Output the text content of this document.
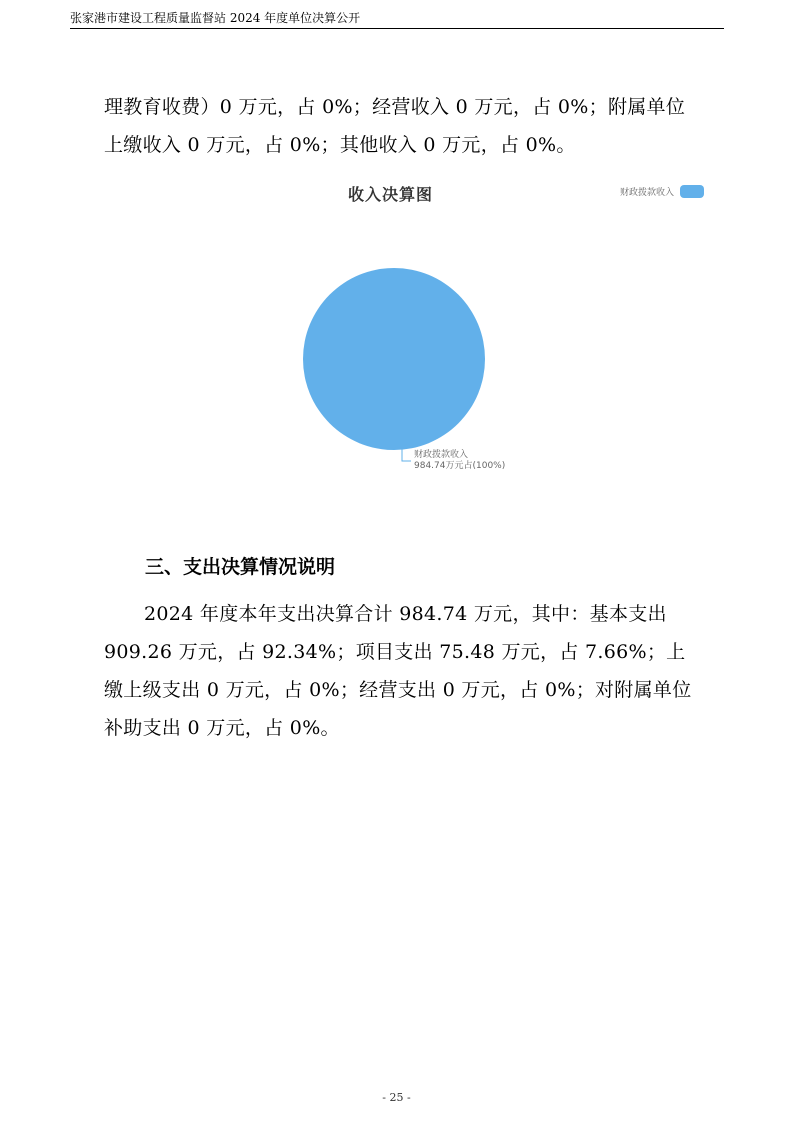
张家港市建设工程质量监督站 2024 年度单位决算公开

理教育收费）0 万元，占 0%；经营收入 0 万元，占 0%；附属单位上缴收入 0 万元，占 0%；其他收入 0 万元，占 0%。

收入决算图	财政拨款收入
财政拨款收入
984.74万元占(100%)
三、支出决算情况说明

2024 年度本年支出决算合计 984.74 万元，其中：基本支出 909.26 万元，占 92.34%；项目支出 75.48 万元，占 7.66%；上缴上级支出 0 万元，占 0%；经营支出 0 万元，占 0%；对附属单位补助支出 0 万元，占 0%。

- 25 -
